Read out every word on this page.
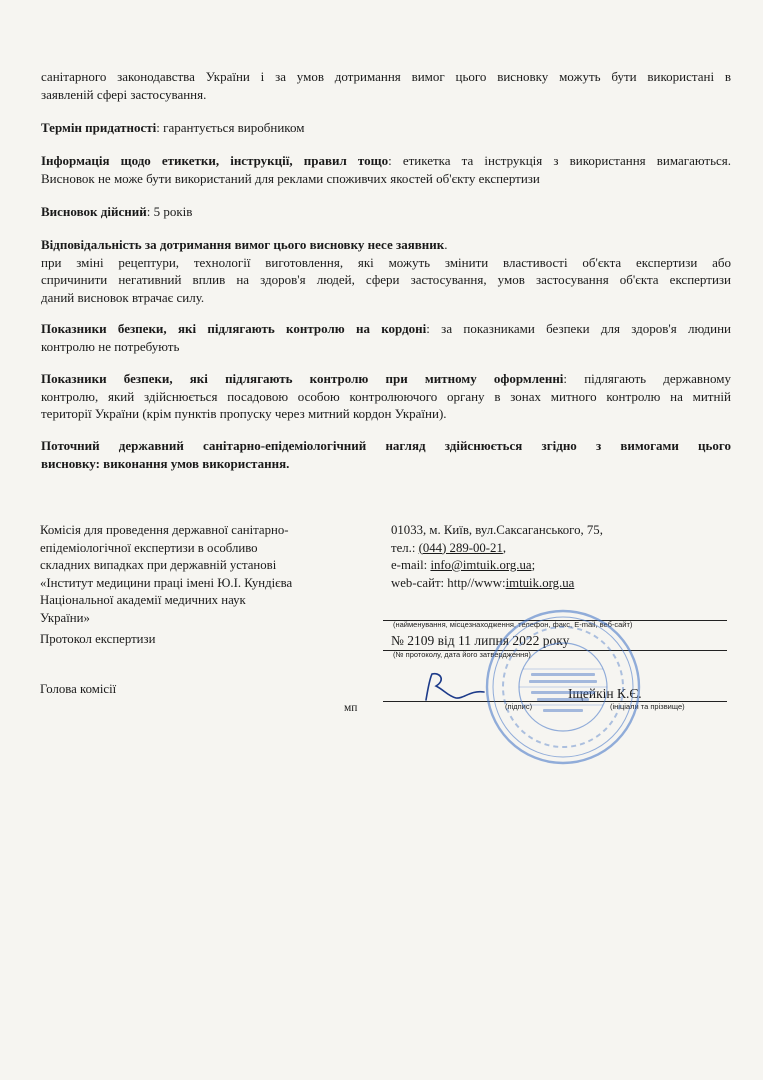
санітарного законодавства України і за умов дотримання вимог цього висновку можуть бути використані в
заявленій сфері застосування.

Термін придатності: гарантується виробником

Інформація щодо етикетки, інструкції, правил тощо: етикетка та інструкція з використання вимагаються.
Висновок не може бути використаний для реклами споживчих якостей об'єкту експертизи

Висновок дійсний: 5 років

Відповідальність за дотримання вимог цього висновку несе заявник.
при зміні рецептури, технології виготовлення, які можуть змінити властивості об'єкта експертизи або
спричинити негативний вплив на здоров'я людей, сфери застосування, умов застосування об'єкта експертизи
даний висновок втрачає силу.

Показники безпеки, які підлягають контролю на кордоні: за показниками безпеки для здоров'я людини
контролю не потребують

Показники безпеки, які підлягають контролю при митному оформленні: підлягають державному
контролю, який здійснюється посадовою особою контролюючого органу в зонах митного контролю на митній
території України (крім пунктів пропуску через митний кордон України).

Поточний державний санітарно-епідеміологічний нагляд здійснюється згідно з вимогами цього
висновку: виконання умов використання.

Комісія для проведення державної санітарно-
епідеміологічної експертизи в особливо
складних випадках при державній установі
«Інститут медицини праці імені Ю.І. Кундієва
Національної академії медичних наук
України»
01033, м. Київ, вул.Саксаганського, 75,
тел.: (044) 289-00-21,
e-mail: info@imtuik.org.ua;
web-сайт: http//www:imtuik.org.ua
(найменування, місцезнаходження, телефон, факс, E-mail, веб-сайт)
Протокол експертизи	№ 2109 від 11 липня 2022 року
(№ протоколу, дата його затвердження)
Голова комісії
мп
Іщейкін К.Є.
(підпис)	(ініціали та прізвище)
